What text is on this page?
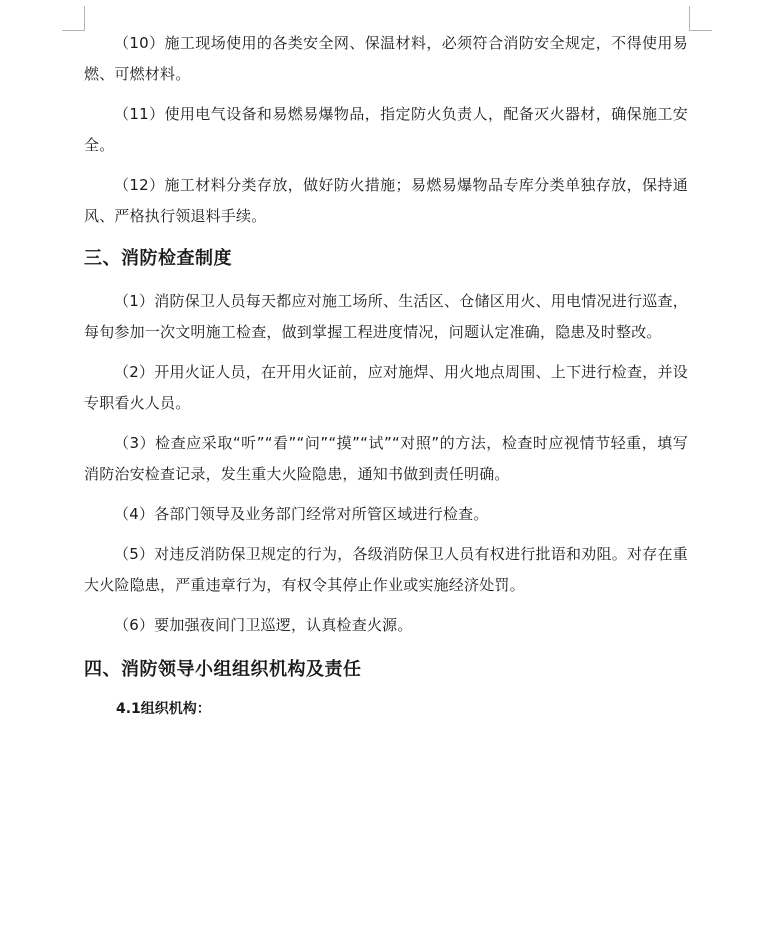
（10）施工现场使用的各类安全网、保温材料，必须符合消防安全规定，不得使用易燃、可燃材料。

（11）使用电气设备和易燃易爆物品，指定防火负责人，配备灭火器材，确保施工安全。

（12）施工材料分类存放，做好防火措施；易燃易爆物品专库分类单独存放，保持通风、严格执行领退料手续。

三、消防检查制度

（1）消防保卫人员每天都应对施工场所、生活区、仓储区用火、用电情况进行巡查，每旬参加一次文明施工检查，做到掌握工程进度情况，问题认定准确，隐患及时整改。

（2）开用火证人员，在开用火证前，应对施焊、用火地点周围、上下进行检查，并设专职看火人员。

（3）检查应采取“听”“看”“问”“摸”“试”“对照”的方法，检查时应视情节轻重，填写消防治安检查记录，发生重大火险隐患，通知书做到责任明确。

（4）各部门领导及业务部门经常对所管区域进行检查。

（5）对违反消防保卫规定的行为，各级消防保卫人员有权进行批语和劝阻。对存在重大火险隐患，严重违章行为，有权令其停止作业或实施经济处罚。

（6）要加强夜间门卫巡逻，认真检查火源。

四、消防领导小组组织机构及责任

4.1组织机构：
